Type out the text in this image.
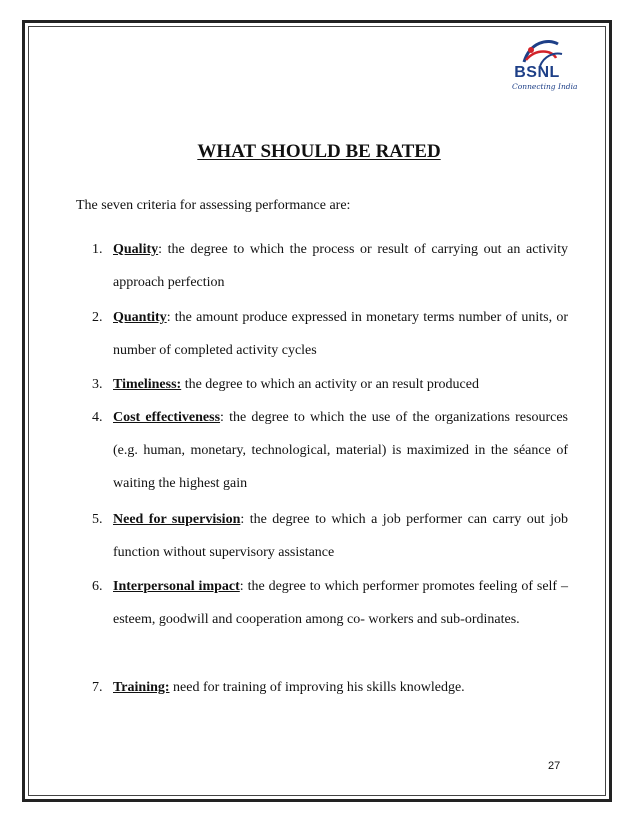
BSNL
Connecting India
WHAT SHOULD BE RATED
The seven criteria for assessing performance are:
1. Quality: the degree to which the process or result of carrying out an activity approach perfection
2. Quantity: the amount produce expressed in monetary terms number of units, or number of completed activity cycles
3. Timeliness: the degree to which an activity or an result produced
4. Cost effectiveness: the degree to which the use of the organizations resources (e.g. human, monetary, technological, material) is maximized in the séance of waiting the highest gain
5. Need for supervision: the degree to which a job performer can carry out job function without supervisory assistance
6. Interpersonal impact: the degree to which performer promotes feeling of self – esteem, goodwill and cooperation among co- workers and sub-ordinates.
7. Training: need for training of improving his skills knowledge.
27
